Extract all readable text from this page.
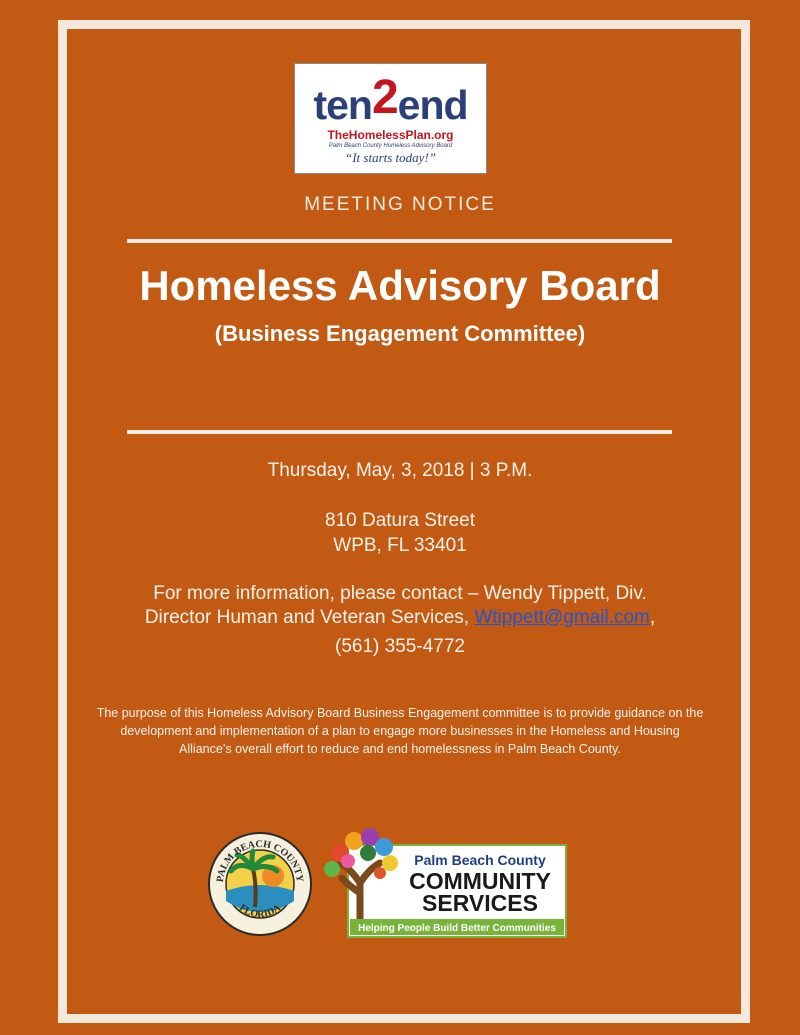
ten2end
TheHomelessPlan.org
Palm Beach County Homeless Advisory Board
“It starts today!”
MEETING NOTICE
Homeless Advisory Board
(Business Engagement Committee)
Thursday, May, 3, 2018 | 3 P.M.
810 Datura Street
WPB, FL 33401
For more information, please contact – Wendy Tippett, Div.
Director Human and Veteran Services, Wtippett@gmail.com,
(561) 355-4772
The purpose of this Homeless Advisory Board Business Engagement committee is to provide guidance on the development and implementation of a plan to engage more businesses in the Homeless and Housing Alliance’s overall effort to reduce and end homelessness in Palm Beach County.
PALM BEACH COUNTY
FLORIDA
Palm Beach County
COMMUNITY
SERVICES
Helping People Build Better Communities
